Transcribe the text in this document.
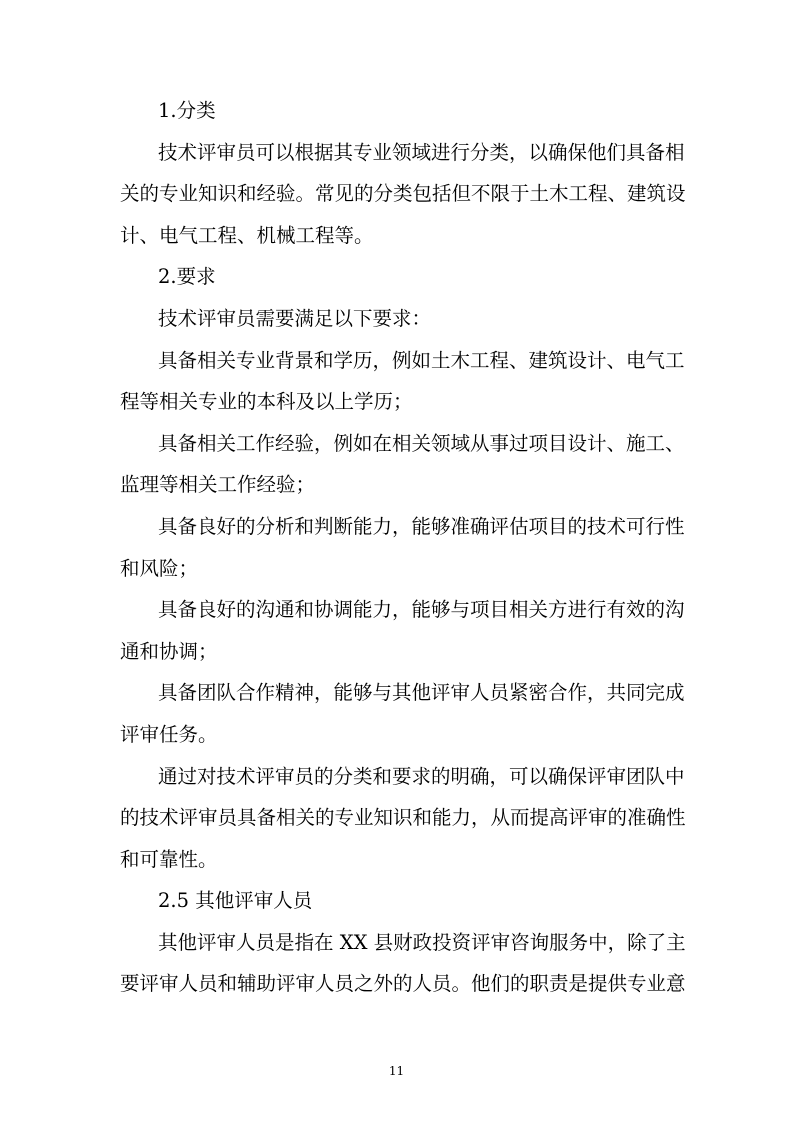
1.分类
技术评审员可以根据其专业领域进行分类，以确保他们具备相
关的专业知识和经验。常见的分类包括但不限于土木工程、建筑设
计、电气工程、机械工程等。
2.要求
技术评审员需要满足以下要求：
具备相关专业背景和学历，例如土木工程、建筑设计、电气工
程等相关专业的本科及以上学历；
具备相关工作经验，例如在相关领域从事过项目设计、施工、
监理等相关工作经验；
具备良好的分析和判断能力，能够准确评估项目的技术可行性
和风险；
具备良好的沟通和协调能力，能够与项目相关方进行有效的沟
通和协调；
具备团队合作精神，能够与其他评审人员紧密合作，共同完成
评审任务。
通过对技术评审员的分类和要求的明确，可以确保评审团队中
的技术评审员具备相关的专业知识和能力，从而提高评审的准确性
和可靠性。
2.5 其他评审人员
其他评审人员是指在 XX 县财政投资评审咨询服务中，除了主
要评审人员和辅助评审人员之外的人员。他们的职责是提供专业意
11
